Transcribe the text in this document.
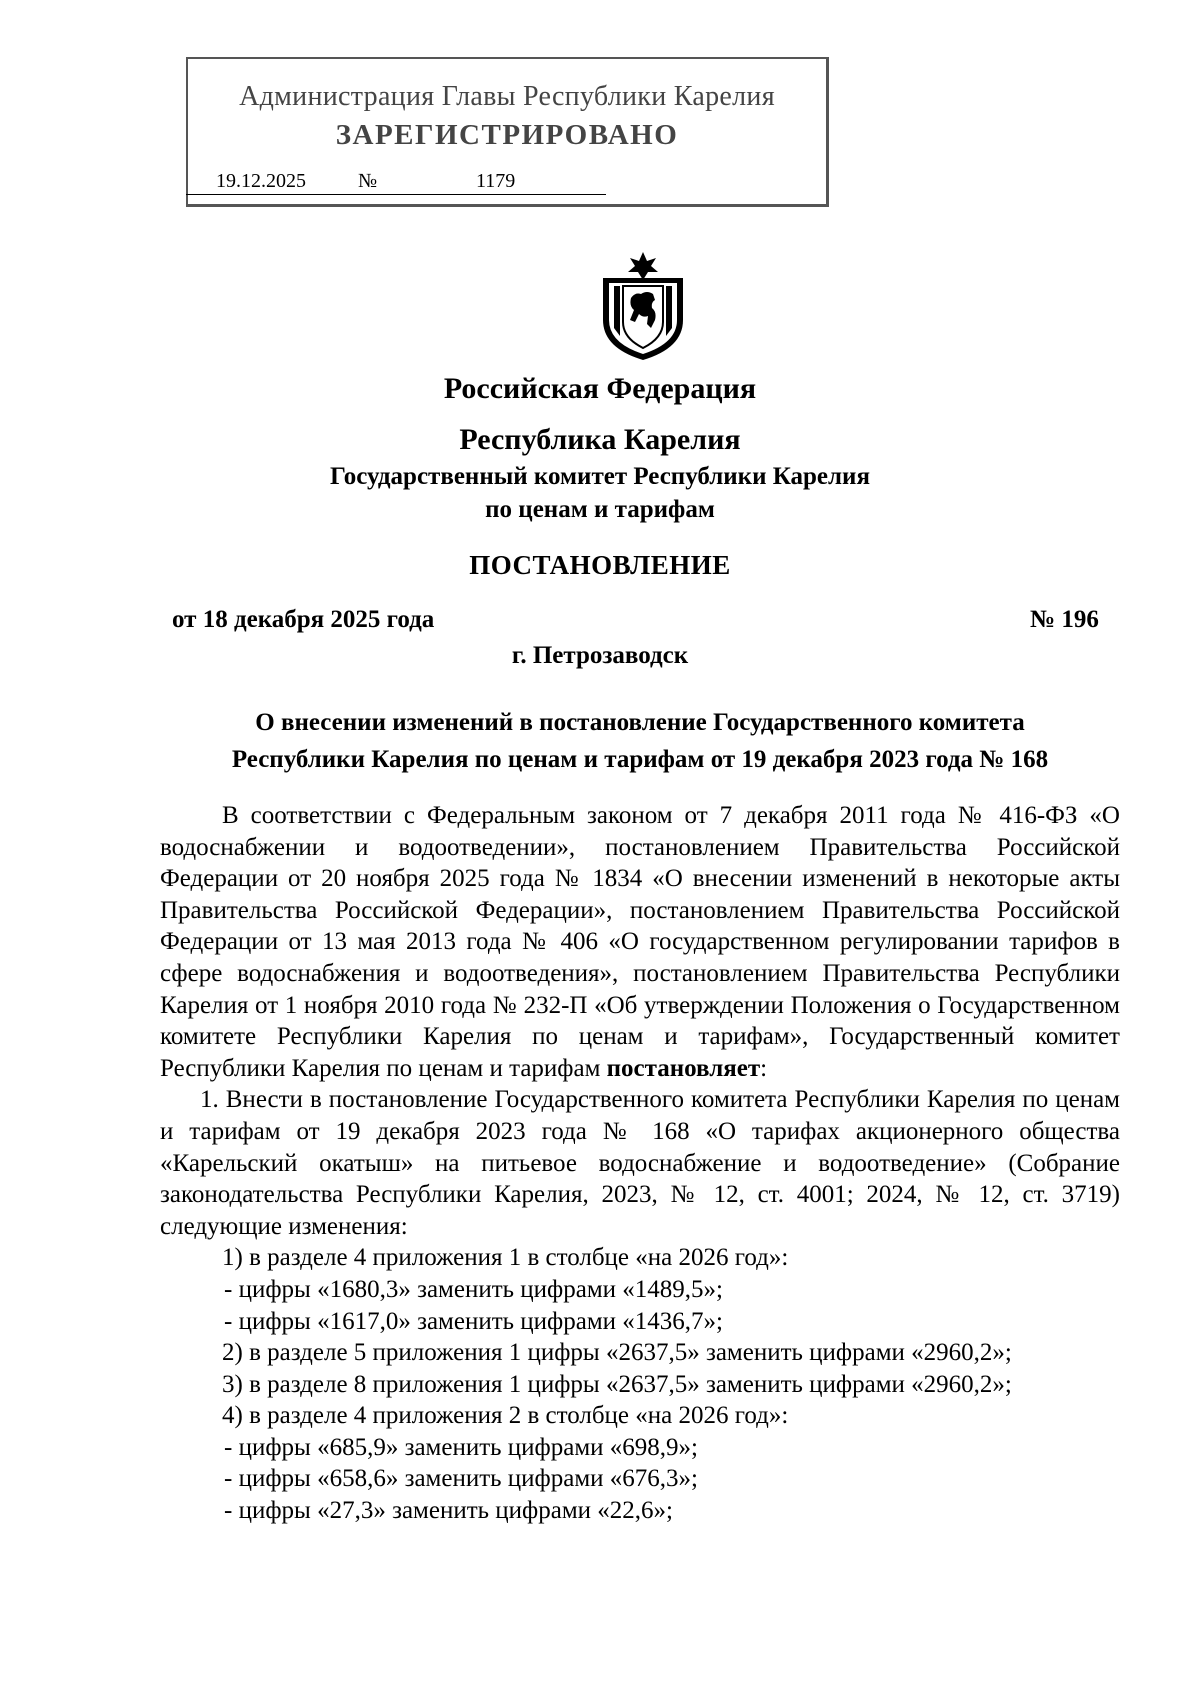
Администрация Главы Республики Карелия
ЗАРЕГИСТРИРОВАНО
19.12.2025	№	1179
Российская Федерация
Республика Карелия
Государственный комитет Республики Карелия
по ценам и тарифам
ПОСТАНОВЛЕНИЕ
от 18 декабря 2025 года	№ 196
г. Петрозаводск
О внесении изменений в постановление Государственного комитета
Республики Карелия по ценам и тарифам от 19 декабря 2023 года № 168

В соответствии с Федеральным законом от 7 декабря 2011 года № 416-ФЗ «О водоснабжении и водоотведении», постановлением Правительства Российской Федерации от 20 ноября 2025 года № 1834 «О внесении изменений в некоторые акты Правительства Российской Федерации», постановлением Правительства Российской Федерации от 13 мая 2013 года № 406 «О государственном регулировании тарифов в сфере водоснабжения и водоотведения», постановлением Правительства Республики Карелия от 1 ноября 2010 года № 232-П «Об утверждении Положения о Государственном комитете Республики Карелия по ценам и тарифам», Государственный комитет Республики Карелия по ценам и тарифам постановляет:

1. Внести в постановление Государственного комитета Республики Карелия по ценам и тарифам от 19 декабря 2023 года № 168 «О тарифах акционерного общества «Карельский окатыш» на питьевое водоснабжение и водоотведение» (Собрание законодательства Республики Карелия, 2023, № 12, ст. 4001; 2024, № 12, ст. 3719) следующие изменения:

1) в разделе 4 приложения 1 в столбце «на 2026 год»:

- цифры «1680,3» заменить цифрами «1489,5»;

- цифры «1617,0» заменить цифрами «1436,7»;

2) в разделе 5 приложения 1 цифры «2637,5» заменить цифрами «2960,2»;

3) в разделе 8 приложения 1 цифры «2637,5» заменить цифрами «2960,2»;

4) в разделе 4 приложения 2 в столбце «на 2026 год»:

- цифры «685,9» заменить цифрами «698,9»;

- цифры «658,6» заменить цифрами «676,3»;

- цифры «27,3» заменить цифрами «22,6»;
